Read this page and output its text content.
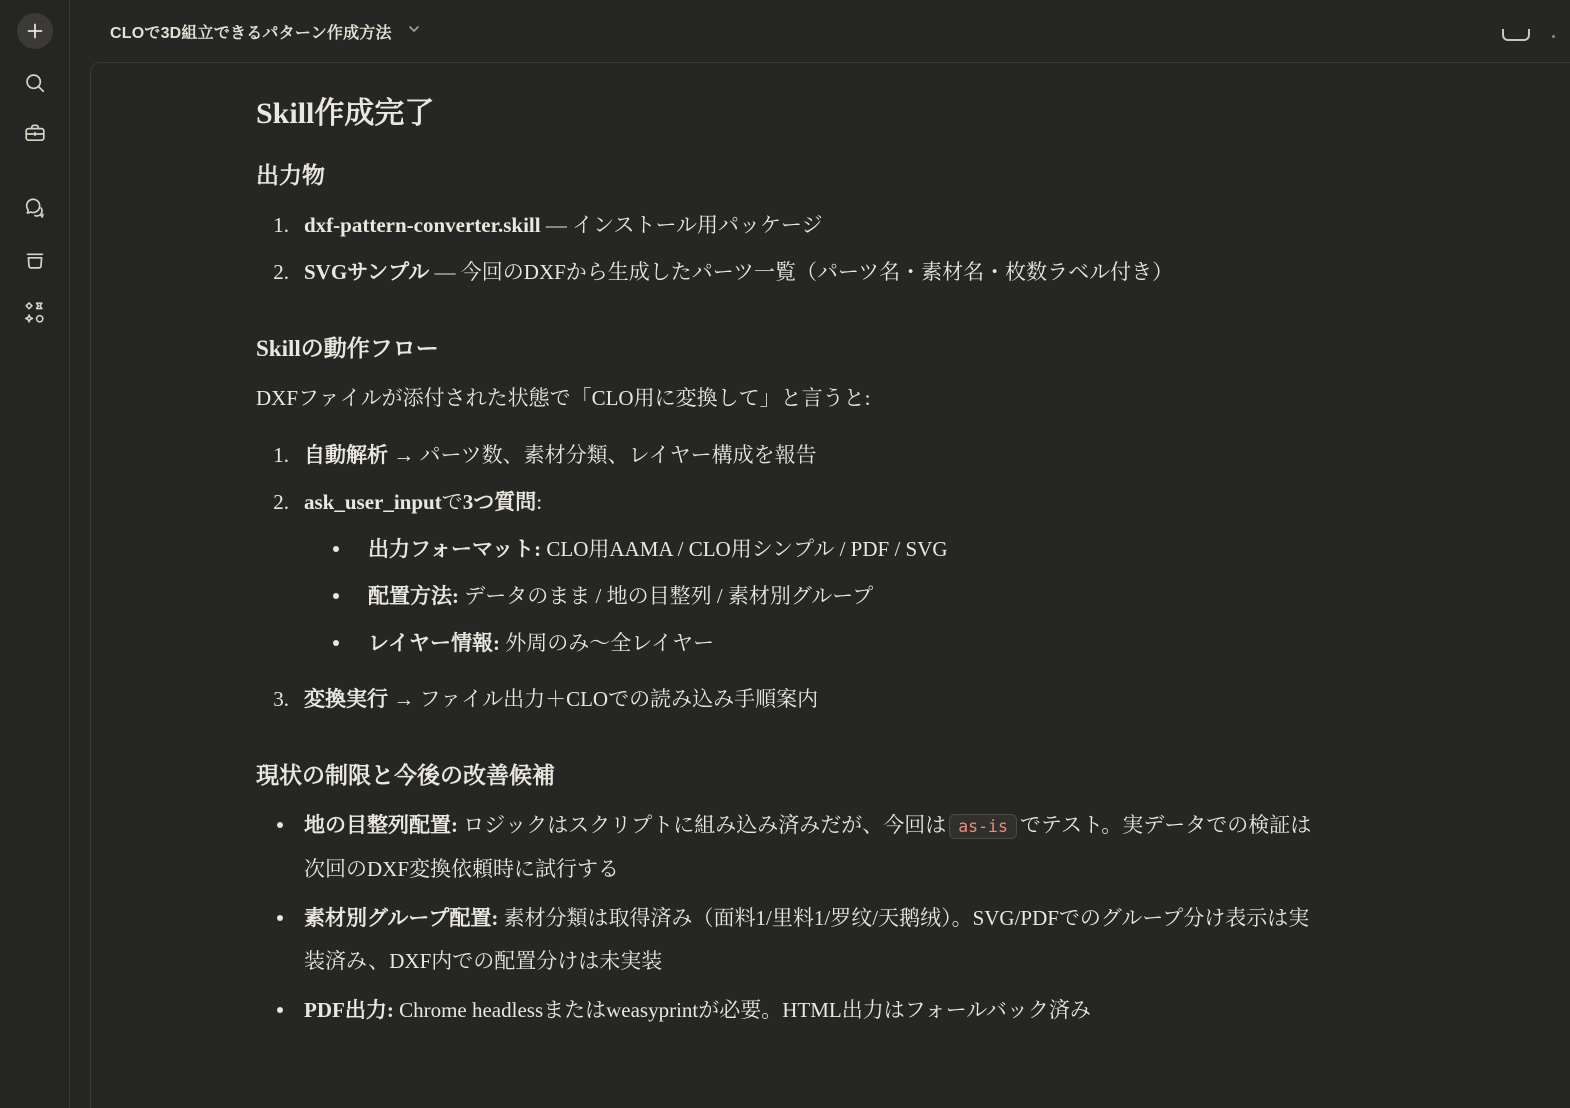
CLOで3D組立できるパターン作成方法
Skill作成完了
出力物
1. dxf-pattern-converter.skill — インストール用パッケージ
2. SVGサンプル — 今回のDXFから生成したパーツ一覧（パーツ名・素材名・枚数ラベル付き）
Skillの動作フロー

DXFファイルが添付された状態で「CLO用に変換して」と言うと:

1. 自動解析 → パーツ数、素材分類、レイヤー構成を報告
2. ask_user_inputで3つ質問:
出力フォーマット: CLO用AAMA / CLO用シンプル / PDF / SVG
配置方法: データのまま / 地の目整列 / 素材別グループ
レイヤー情報: 外周のみ〜全レイヤー
3. 変換実行 → ファイル出力＋CLOでの読み込み手順案内
現状の制限と今後の改善候補
地の目整列配置: ロジックはスクリプトに組み込み済みだが、今回は as-is でテスト。実データでの検証は次回のDXF変換依頼時に試行する
素材別グループ配置: 素材分類は取得済み（面料1/里料1/罗纹/天鹅绒）。SVG/PDFでのグループ分け表示は実装済み、DXF内での配置分けは未実装
PDF出力: Chrome headlessまたはweasyprintが必要。HTML出力はフォールバック済み
